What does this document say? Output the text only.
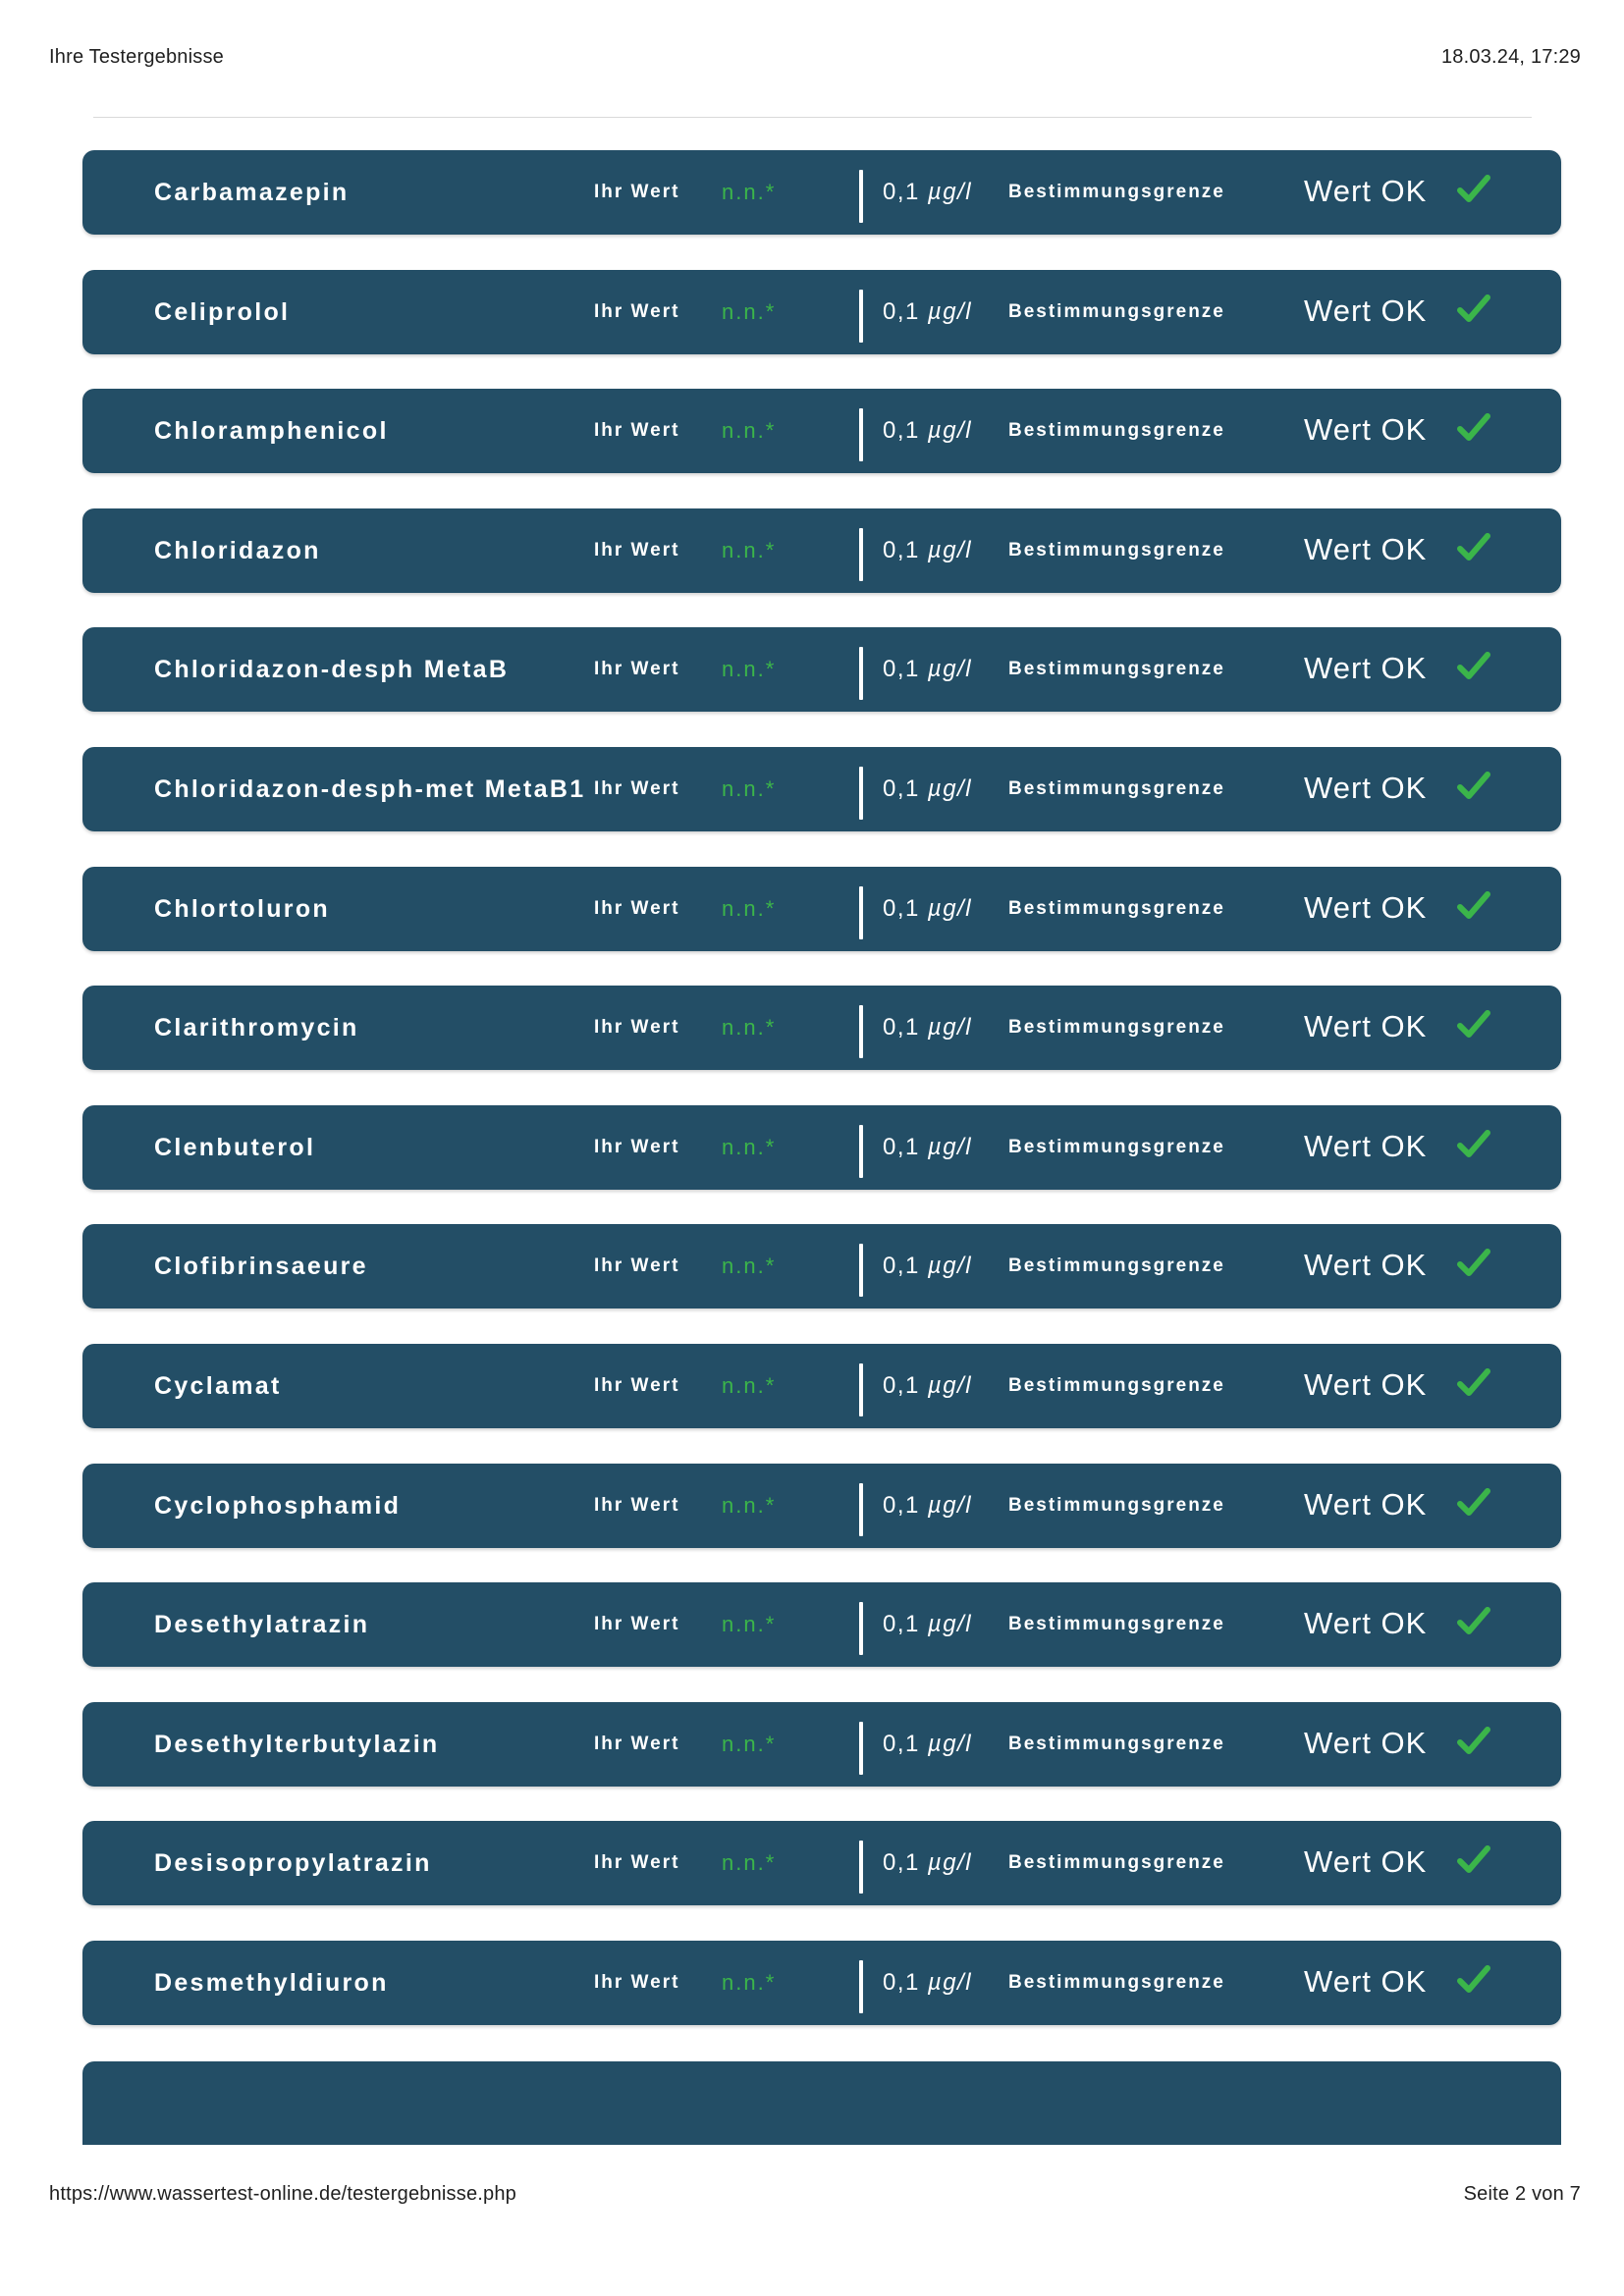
Ihre Testergebnisse	18.03.24, 17:29
Carbamazepin	Ihr Wert n.n.*	0,1 µg/l Bestimmungsgrenze	Wert OK
Celiprolol	Ihr Wert n.n.*	0,1 µg/l Bestimmungsgrenze	Wert OK
Chloramphenicol	Ihr Wert n.n.*	0,1 µg/l Bestimmungsgrenze	Wert OK
Chloridazon	Ihr Wert n.n.*	0,1 µg/l Bestimmungsgrenze	Wert OK
Chloridazon-desph MetaB	Ihr Wert n.n.*	0,1 µg/l Bestimmungsgrenze	Wert OK
Chloridazon-desph-met MetaB1 Ihr Wert n.n.*	0,1 µg/l Bestimmungsgrenze	Wert OK
Chlortoluron	Ihr Wert n.n.*	0,1 µg/l Bestimmungsgrenze	Wert OK
Clarithromycin	Ihr Wert n.n.*	0,1 µg/l Bestimmungsgrenze	Wert OK
Clenbuterol	Ihr Wert n.n.*	0,1 µg/l Bestimmungsgrenze	Wert OK
Clofibrinsaeure	Ihr Wert n.n.*	0,1 µg/l Bestimmungsgrenze	Wert OK
Cyclamat	Ihr Wert n.n.*	0,1 µg/l Bestimmungsgrenze	Wert OK
Cyclophosphamid	Ihr Wert n.n.*	0,1 µg/l Bestimmungsgrenze	Wert OK
Desethylatrazin	Ihr Wert n.n.*	0,1 µg/l Bestimmungsgrenze	Wert OK
Desethylterbutylazin	Ihr Wert n.n.*	0,1 µg/l Bestimmungsgrenze	Wert OK
Desisopropylatrazin	Ihr Wert n.n.*	0,1 µg/l Bestimmungsgrenze	Wert OK
Desmethyldiuron	Ihr Wert n.n.*	0,1 µg/l Bestimmungsgrenze	Wert OK
https://www.wassertest-online.de/testergebnisse.php	Seite 2 von 7
